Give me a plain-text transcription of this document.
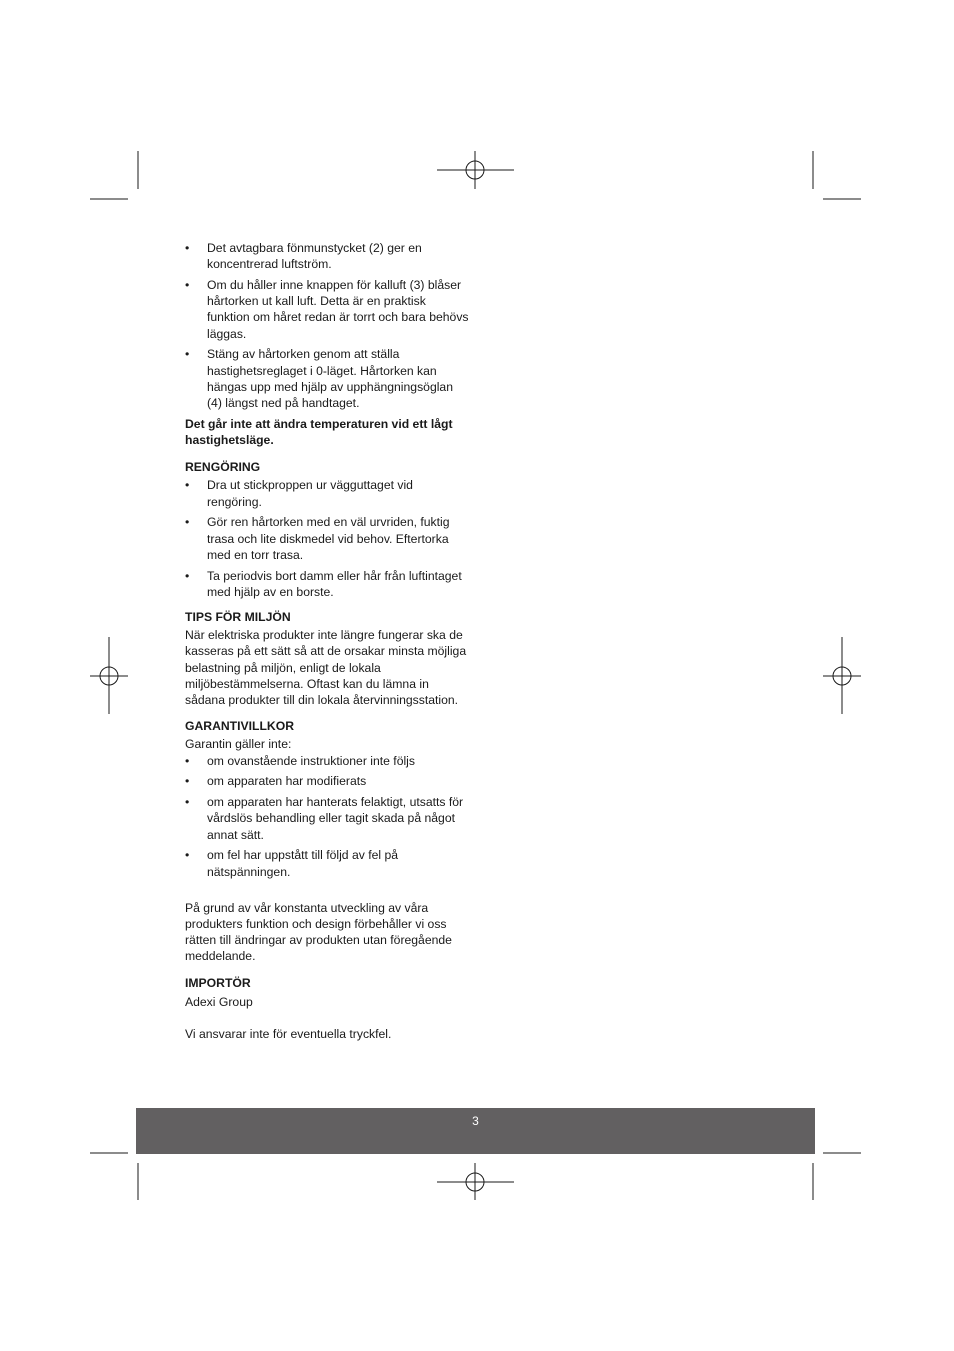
• Det avtagbara fönmunstycket (2) ger en koncentrerad luftström.
• Om du håller inne knappen för kalluft (3) blåser hårtorken ut kall luft. Detta är en praktisk funktion om håret redan är torrt och bara behövs läggas.
• Stäng av hårtorken genom att ställa hastighetsreglaget i 0-läget. Hårtorken kan hängas upp med hjälp av upphängningsöglan (4) längst ned på handtaget.

Det går inte att ändra temperaturen vid ett lågt hastighetsläge.

RENGÖRING

• Dra ut stickproppen ur vägguttaget vid rengöring.
• Gör ren hårtorken med en väl urvriden, fuktig trasa och lite diskmedel vid behov. Eftertorka med en torr trasa.
• Ta periodvis bort damm eller hår från luftintaget med hjälp av en borste.

TIPS FÖR MILJÖN

När elektriska produkter inte längre fungerar ska de kasseras på ett sätt så att de orsakar minsta möjliga belastning på miljön, enligt de lokala miljöbestämmelserna. Oftast kan du lämna in sådana produkter till din lokala återvinningsstation.

GARANTIVILLKOR

Garantin gäller inte:

• om ovanstående instruktioner inte följs
• om apparaten har modifierats
• om apparaten har hanterats felaktigt, utsatts för vårdslös behandling eller tagit skada på något annat sätt.
• om fel har uppstått till följd av fel på nätspänningen.

På grund av vår konstanta utveckling av våra produkters funktion och design förbehåller vi oss rätten till ändringar av produkten utan föregående meddelande.

IMPORTÖR

Adexi Group

Vi ansvarar inte för eventuella tryckfel.

3
